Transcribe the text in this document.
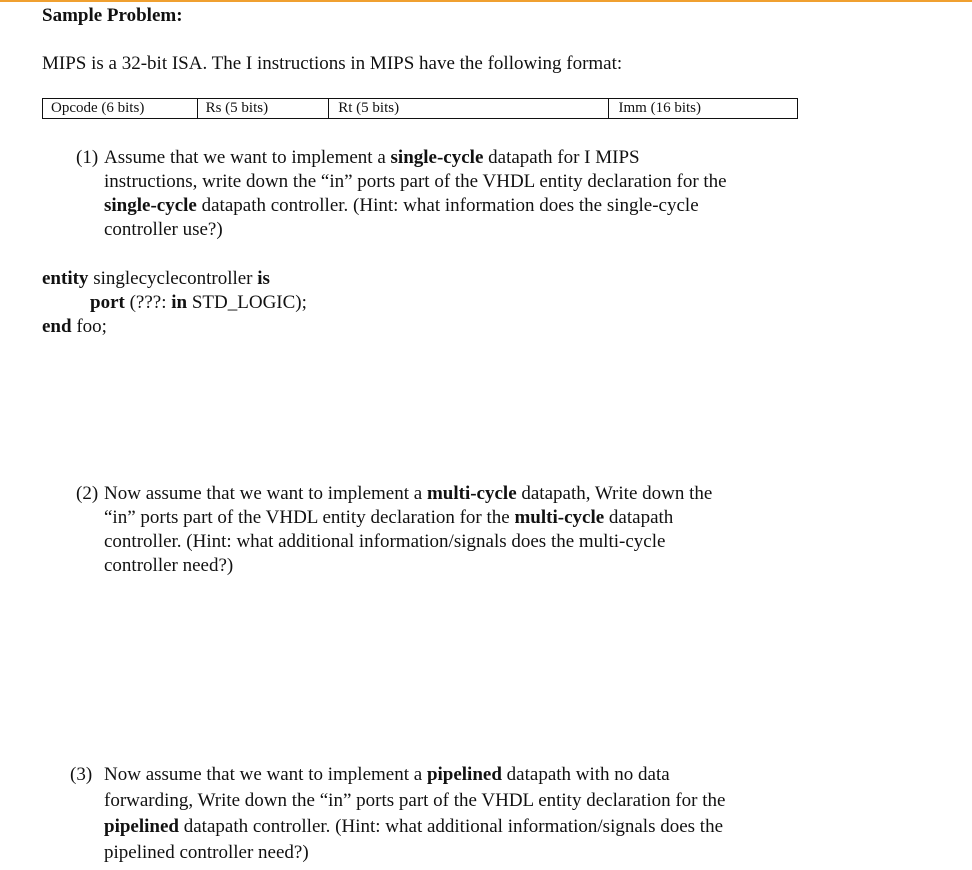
Sample Problem:
MIPS is a 32-bit ISA. The I instructions in MIPS have the following format:
Opcode (6 bits)	Rs (5 bits)	Rt (5 bits)	Imm (16 bits)
(1) Assume that we want to implement a single-cycle datapath for I MIPS
instructions, write down the “in” ports part of the VHDL entity declaration for the
single-cycle datapath controller. (Hint: what information does the single-cycle
controller use?)
entity singlecyclecontroller is
port (???: in STD_LOGIC);
end foo;
(2) Now assume that we want to implement a multi-cycle datapath, Write down the
“in” ports part of the VHDL entity declaration for the multi-cycle datapath
controller. (Hint: what additional information/signals does the multi-cycle
controller need?)
(3) Now assume that we want to implement a pipelined datapath with no data
forwarding, Write down the “in” ports part of the VHDL entity declaration for the
pipelined datapath controller. (Hint: what additional information/signals does the
pipelined controller need?)
